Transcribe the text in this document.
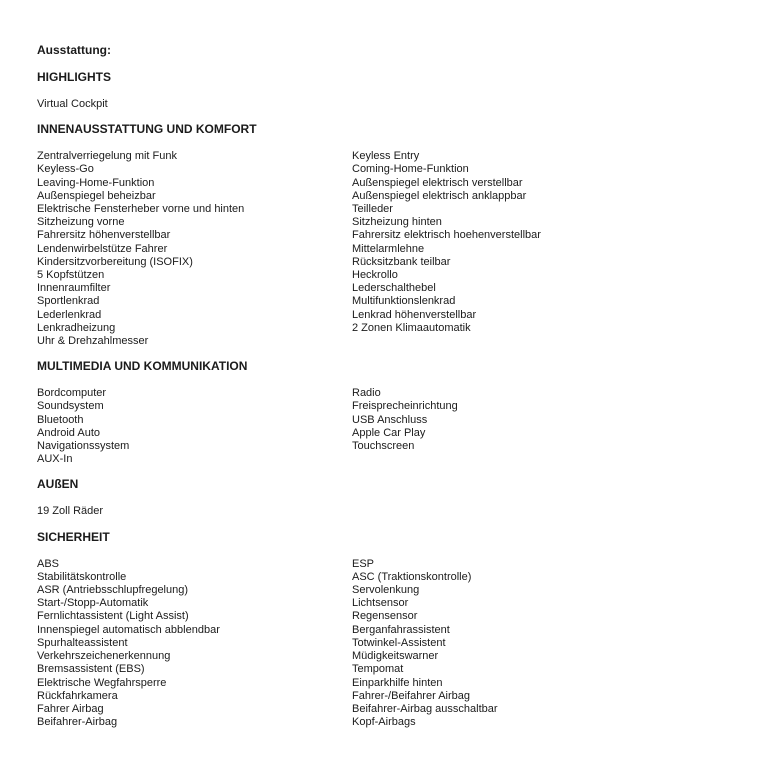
Ausstattung:
HIGHLIGHTS
Virtual Cockpit
INNENAUSSTATTUNG UND KOMFORT
Zentralverriegelung mit Funk
Keyless-Go
Leaving-Home-Funktion
Außenspiegel beheizbar
Elektrische Fensterheber vorne und hinten
Sitzheizung vorne
Fahrersitz höhenverstellbar
Lendenwirbelstütze Fahrer
Kindersitzvorbereitung (ISOFIX)
5 Kopfstützen
Innenraumfilter
Sportlenkrad
Lederlenkrad
Lenkradheizung
Uhr & Drehzahlmesser
Keyless Entry
Coming-Home-Funktion
Außenspiegel elektrisch verstellbar
Außenspiegel elektrisch anklappbar
Teilleder
Sitzheizung hinten
Fahrersitz elektrisch hoehenverstellbar
Mittelarmlehne
Rücksitzbank teilbar
Heckrollo
Lederschalthebel
Multifunktionslenkrad
Lenkrad höhenverstellbar
2 Zonen Klimaautomatik
MULTIMEDIA UND KOMMUNIKATION
Bordcomputer
Soundsystem
Bluetooth
Android Auto
Navigationssystem
AUX-In
Radio
Freisprecheinrichtung
USB Anschluss
Apple Car Play
Touchscreen
AUßEN
19 Zoll Räder
SICHERHEIT
ABS
Stabilitätskontrolle
ASR (Antriebsschlupfregelung)
Start-/Stopp-Automatik
Fernlichtassistent (Light Assist)
Innenspiegel automatisch abblendbar
Spurhalteassistent
Verkehrszeichenerkennung
Bremsassistent (EBS)
Elektrische Wegfahrsperre
Rückfahrkamera
Fahrer Airbag
Beifahrer-Airbag
ESP
ASC (Traktionskontrolle)
Servolenkung
Lichtsensor
Regensensor
Berganfahrassistent
Totwinkel-Assistent
Müdigkeitswarner
Tempomat
Einparkhilfe hinten
Fahrer-/Beifahrer Airbag
Beifahrer-Airbag ausschaltbar
Kopf-Airbags
